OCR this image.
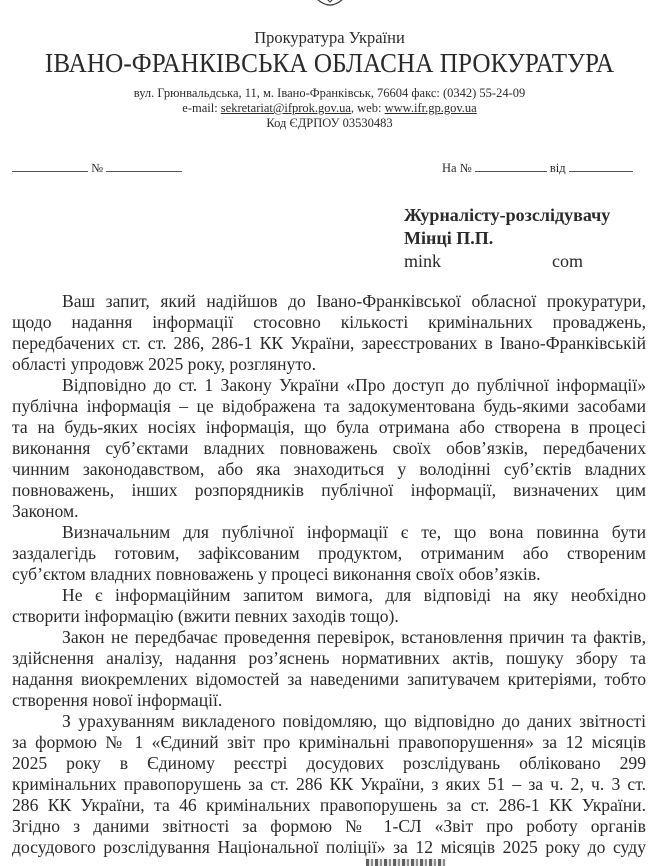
Прокуратура України
ІВАНО-ФРАНКІВСЬКА ОБЛАСНА ПРОКУРАТУРА
вул. Грюнвальдська, 11, м. Івано-Франківськ, 76604 факс: (0342) 55-24-09
e-mail: sekretariat@ifprok.gov.ua, web: www.ifr.gp.gov.ua
Код ЄДРПОУ 03530483
№	На №	від
Журналісту-розслідувачу
Мінці П.П.
mink	com
Ваш запит, який надійшов до Івано-Франківської обласної прокуратури,
щодо надання інформації стосовно кількості кримінальних проваджень,
передбачених ст. ст. 286, 286-1 КК України, зареєстрованих в Івано-Франківській
області упродовж 2025 року, розглянуто.
Відповідно до ст. 1 Закону України «Про доступ до публічної інформації»
публічна інформація – це відображена та задокументована будь-якими засобами
та на будь-яких носіях інформація, що була отримана або створена в процесі
виконання суб’єктами владних повноважень своїх обов’язків, передбачених
чинним законодавством, або яка знаходиться у володінні суб’єктів владних
повноважень, інших розпорядників публічної інформації, визначених цим
Законом.
Визначальним для публічної інформації є те, що вона повинна бути
заздалегідь готовим, зафіксованим продуктом, отриманим або створеним
суб’єктом владних повноважень у процесі виконання своїх обов’язків.
Не є інформаційним запитом вимога, для відповіді на яку необхідно
створити інформацію (вжити певних заходів тощо).
Закон не передбачає проведення перевірок, встановлення причин та фактів,
здійснення аналізу, надання роз’яснень нормативних актів, пошуку збору та
надання виокремлених відомостей за наведеними запитувачем критеріями, тобто
створення нової інформації.
З урахуванням викладеного повідомляю, що відповідно до даних звітності
за формою № 1 «Єдиний звіт про кримінальні правопорушення» за 12 місяців
2025 року в Єдиному реєстрі досудових розслідувань обліковано 299
кримінальних правопорушень за ст. 286 КК України, з яких 51 – за ч. 2, ч. 3 ст.
286 КК України, та 46 кримінальних правопорушень за ст. 286-1 КК України.
Згідно з даними звітності за формою № 1-СЛ «Звіт про роботу органів
досудового розслідування Національної поліції» за 12 місяців 2025 року до суду
